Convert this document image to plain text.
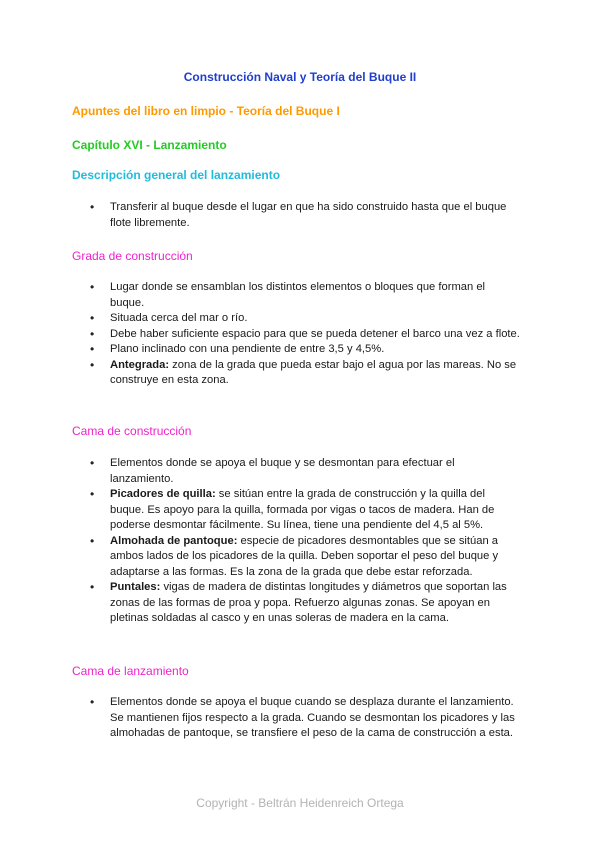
Construcción Naval y Teoría del Buque II
Apuntes del libro en limpio - Teoría del Buque I
Capítulo XVI - Lanzamiento
Descripción general del lanzamiento
• Transferir al buque desde el lugar en que ha sido construido hasta que el buque flote libremente.
Grada de construcción
• Lugar donde se ensamblan los distintos elementos o bloques que forman el buque.
• Situada cerca del mar o río.
• Debe haber suficiente espacio para que se pueda detener el barco una vez a flote.
• Plano inclinado con una pendiente de entre 3,5 y 4,5%.
• Antegrada: zona de la grada que pueda estar bajo el agua por las mareas. No se construye en esta zona.
Cama de construcción
• Elementos donde se apoya el buque y se desmontan para efectuar el lanzamiento.
• Picadores de quilla: se sitúan entre la grada de construcción y la quilla del buque. Es apoyo para la quilla, formada por vigas o tacos de madera. Han de poderse desmontar fácilmente. Su línea, tiene una pendiente del 4,5 al 5%.
• Almohada de pantoque: especie de picadores desmontables que se sitúan a ambos lados de los picadores de la quilla. Deben soportar el peso del buque y adaptarse a las formas. Es la zona de la grada que debe estar reforzada.
• Puntales: vigas de madera de distintas longitudes y diámetros que soportan las zonas de las formas de proa y popa. Refuerzo algunas zonas. Se apoyan en pletinas soldadas al casco y en unas soleras de madera en la cama.
Cama de lanzamiento
• Elementos donde se apoya el buque cuando se desplaza durante el lanzamiento. Se mantienen fijos respecto a la grada. Cuando se desmontan los picadores y las almohadas de pantoque, se transfiere el peso de la cama de construcción a esta.
Copyright - Beltrán Heidenreich Ortega
